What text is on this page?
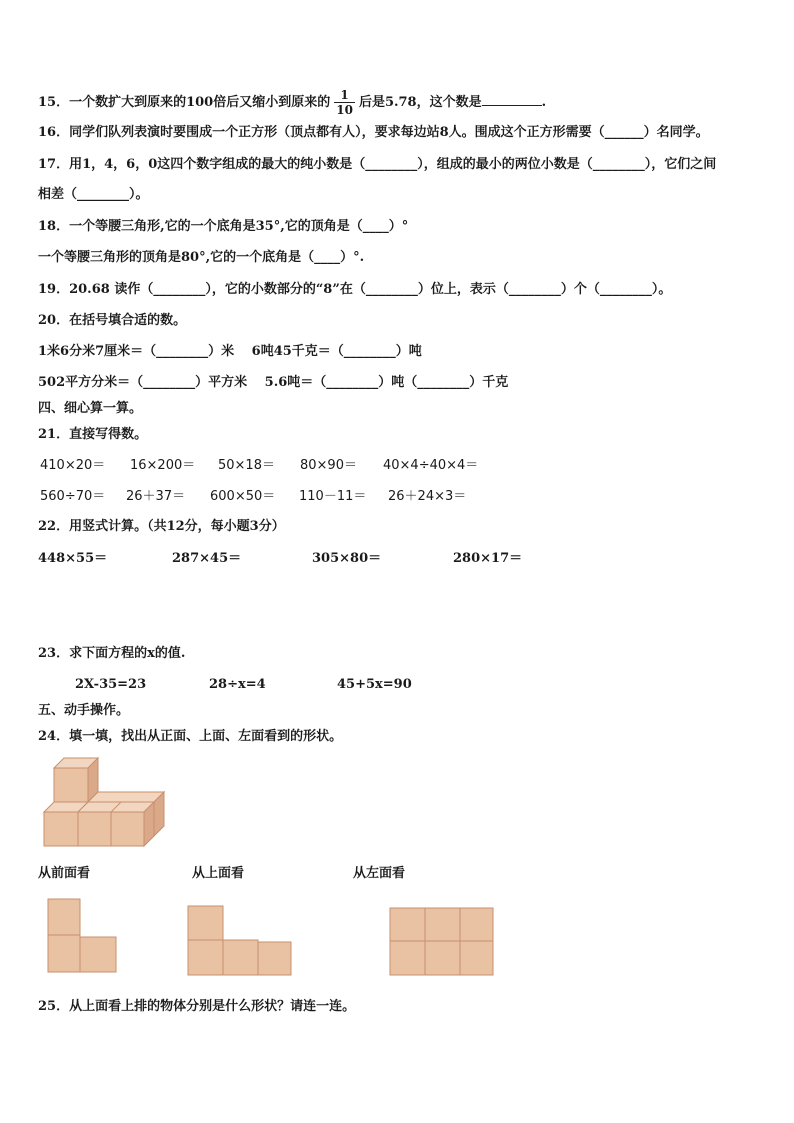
15．一个数扩大到原来的100倍后又缩小到原来的 $\frac{1}{10}$ 后是5.78，这个数是	.
16．同学们队列表演时要围成一个正方形（顶点都有人），要求每边站8人。围成这个正方形需要（______）名同学。
17．用1，4，6，0这四个数字组成的最大的纯小数是（________），组成的最小的两位小数是（________），它们之间
相差（________）。
18．一个等腰三角形,它的一个底角是35°,它的顶角是（____）°
一个等腰三角形的顶角是80°,它的一个底角是（____）°.
19．20.68 读作（________），它的小数部分的“8”在（________）位上，表示（________）个（________）。
20．在括号填合适的数。
1米6分米7厘米＝（________）米　 6吨45千克＝（________）吨
502平方分米＝（________）平方米　 5.6吨＝（________）吨（________）千克
四、细心算一算。
21．直接写得数。
410×20＝ 16×200＝ 50×18＝ 80×90＝ 40×4÷40×4＝
560÷70＝ 26＋37＝ 600×50＝ 110－11＝ 26＋24×3＝
22．用竖式计算。（共12分，每小题3分）
448×55＝	287×45＝	305×80＝	280×17＝
23．求下面方程的x的值.
2X-35=23	28÷x=4	45+5x=90
五、动手操作。
24．填一填，找出从正面、上面、左面看到的形状。
从前面看	从上面看	从左面看
25．从上面看上排的物体分别是什么形状？请连一连。
